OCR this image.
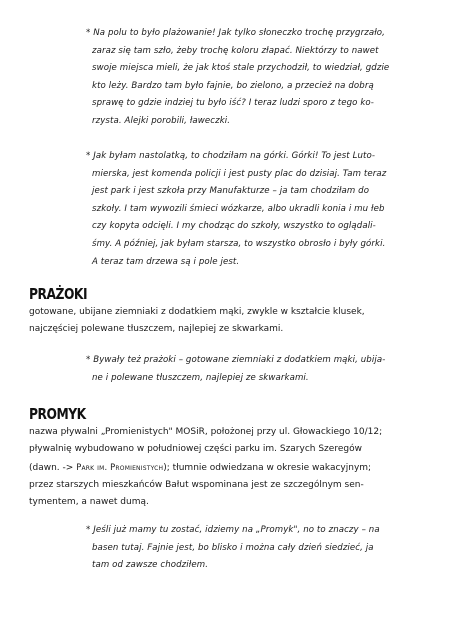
* Na polu to było plażowanie! Jak tylko słoneczko trochę przygrzało,
zaraz się tam szło, żeby trochę koloru złapać. Niektórzy to nawet
swoje miejsca mieli, że jak ktoś stale przychodził, to wiedział, gdzie
kto leży. Bardzo tam było fajnie, bo zielono, a przecież na dobrą
sprawę to gdzie indziej tu było iść? I teraz ludzi sporo z tego ko-
rzysta. Alejki porobili, ławeczki.
* Jak byłam nastolatką, to chodziłam na górki. Górki! To jest Luto-
mierska, jest komenda policji i jest pusty plac do dzisiaj. Tam teraz
jest park i jest szkoła przy Manufakturze – ja tam chodziłam do
szkoły. I tam wywozili śmieci wózkarze, albo ukradli konia i mu łeb
czy kopyta odcięli. I my chodząc do szkoły, wszystko to oglądali-
śmy. A później, jak byłam starsza, to wszystko obrosło i były górki.
A teraz tam drzewa są i pole jest.
PRAŻOKI
gotowane, ubijane ziemniaki z dodatkiem mąki, zwykle w kształcie klusek,
najczęściej polewane tłuszczem, najlepiej ze skwarkami.
* Bywały też prażoki – gotowane ziemniaki z dodatkiem mąki, ubija-
ne i polewane tłuszczem, najlepiej ze skwarkami.
PROMYK
nazwa pływalni „Promienistych" MOSiR, położonej przy ul. Głowackiego 10/12;
pływalnię wybudowano w południowej części parku im. Szarych Szeregów
(dawn. -> Park im. Promienistych); tłumnie odwiedzana w okresie wakacyjnym;
przez starszych mieszkańców Bałut wspominana jest ze szczególnym sen-
tymentem, a nawet dumą.
* Jeśli już mamy tu zostać, idziemy na „Promyk", no to znaczy – na
basen tutaj. Fajnie jest, bo blisko i można cały dzień siedzieć, ja
tam od zawsze chodziłem.
